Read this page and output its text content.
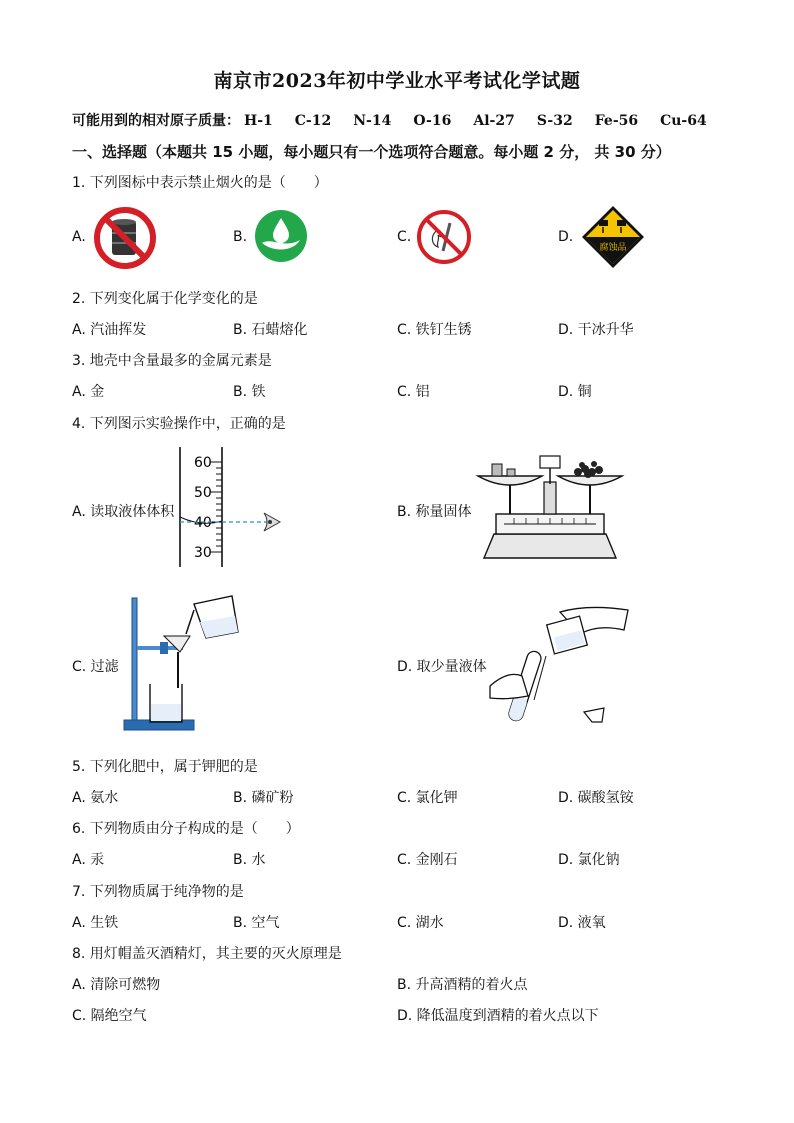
南京市2023年初中学业水平考试化学试题
可能用到的相对原子质量： H-1 C-12 N-14 O-16 Al-27 S-32 Fe-56 Cu-64
一、选择题（本题共 15 小题，每小题只有一个选项符合题意。每小题 2 分， 共 30 分）
1. 下列图标中表示禁止烟火的是（　　）
A.	B.	C.	D.
腐蚀品
2. 下列变化属于化学变化的是
A. 汽油挥发	B. 石蜡熔化	C. 铁钉生锈	D. 干冰升华
3. 地壳中含量最多的金属元素是
A. 金	B. 铁	C. 铝	D. 铜
4. 下列图示实验操作中，正确的是
A. 读取液体体积
60
50
40
30
B. 称量固体
C. 过滤	D. 取少量液体
5. 下列化肥中，属于钾肥的是
A. 氨水	B. 磷矿粉	C. 氯化钾	D. 碳酸氢铵
6. 下列物质由分子构成的是（　　）
A. 汞	B. 水	C. 金刚石	D. 氯化钠
7. 下列物质属于纯净物的是
A. 生铁	B. 空气	C. 湖水	D. 液氧
8. 用灯帽盖灭酒精灯，其主要的灭火原理是
A. 清除可燃物	B. 升高酒精的着火点
C. 隔绝空气	D. 降低温度到酒精的着火点以下
